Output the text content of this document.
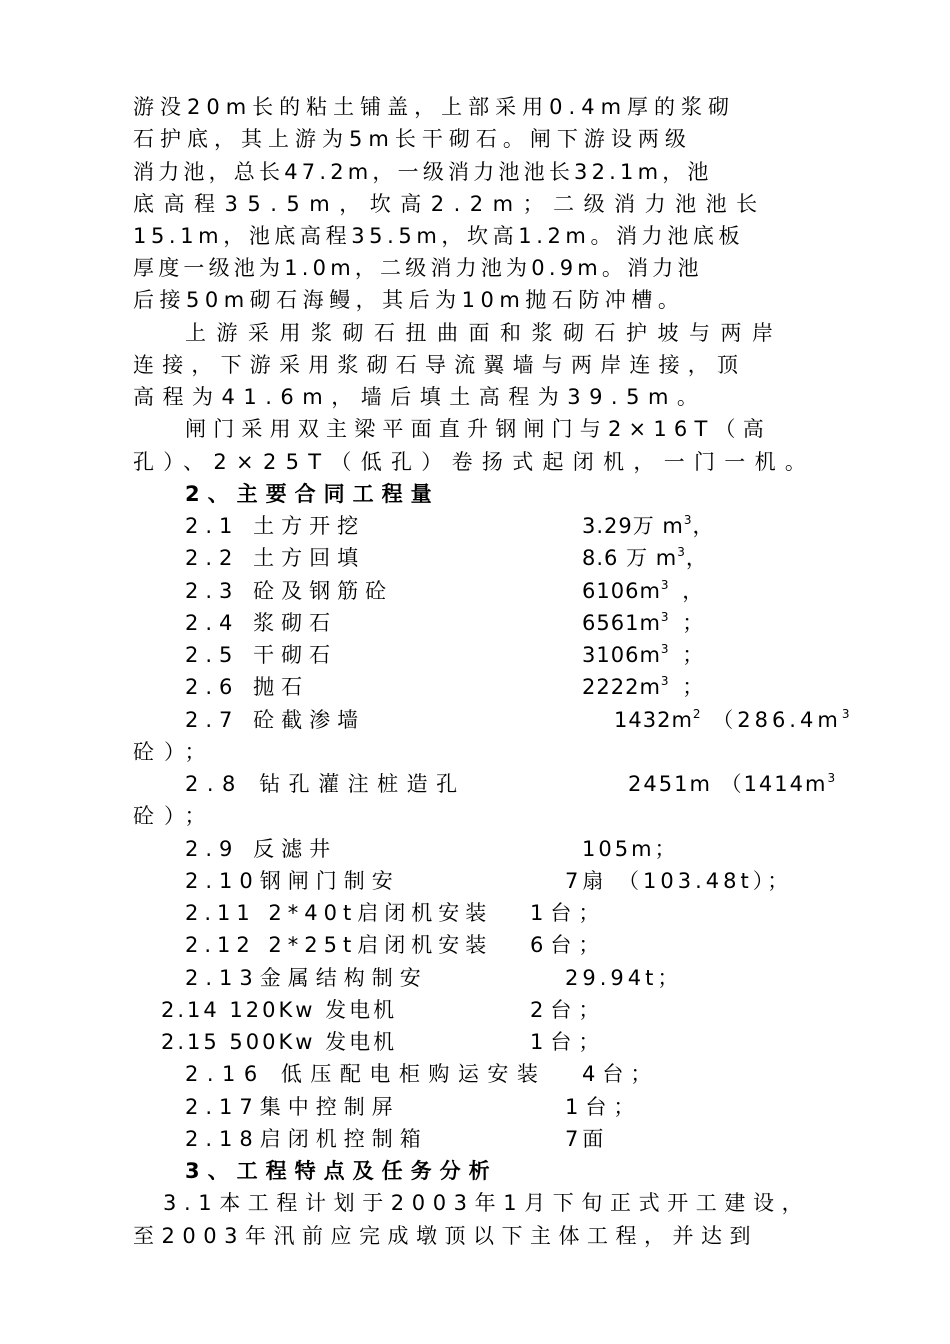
游没20m长的粘土铺盖，上部采用0.4m厚的浆砌
石护底，其上游为5m长干砌石。闸下游设两级
消力池，总长47.2m，一级消力池池长32.1m，池
底高程35.5m，坎高2.2m；二级消力池池长
15.1m，池底高程35.5m，坎高1.2m。消力池底板
厚度一级池为1.0m，二级消力池为0.9m。消力池
后接50m砌石海鳗，其后为10m抛石防冲槽。
上游采用浆砌石扭曲面和浆砌石护坡与两岸
连接，下游采用浆砌石导流翼墙与两岸连接，顶
高程为41.6m，墙后填土高程为39.5m。
闸门采用双主梁平面直升钢闸门与2×16T（高
孔）、2×25T（低孔）卷扬式起闭机，一门一机。
2、主要合同工程量
2.1 土方开挖	3.29万 $m^3$，
2.2 土方回填	8.6 万 $m^3$，
2.3 砼及钢筋砼	$6106m^3$ ，
2.4 浆砌石	$6561m^3$ ；
2.5 干砌石	$3106m^3$ ；
2.6 抛石	$2222m^3$ ；
2.7 砼截渗墙	$1432m^2$ （$286.4m^3$
砼）；
2.8 钻孔灌注桩造孔	2451m （$1414m^3$
砼）；
2.9 反滤井	105m；
2.10钢闸门制安	7扇 （103.48t）；
2.11 2*40t启闭机安装 1台；
2.12 2*25t启闭机安装 6台；
2.13金属结构制安	29.94t；
2.14 120Kw 发电机	2台；
2.15 500Kw 发电机	1台；
2.16 低压配电柜购运安装 4台；
2.17集中控制屏	1台；
2.18启闭机控制箱	7面
3、工程特点及任务分析
3.1本工程计划于2003年1月下旬正式开工建设，
至2003年汛前应完成墩顶以下主体工程，并达到
